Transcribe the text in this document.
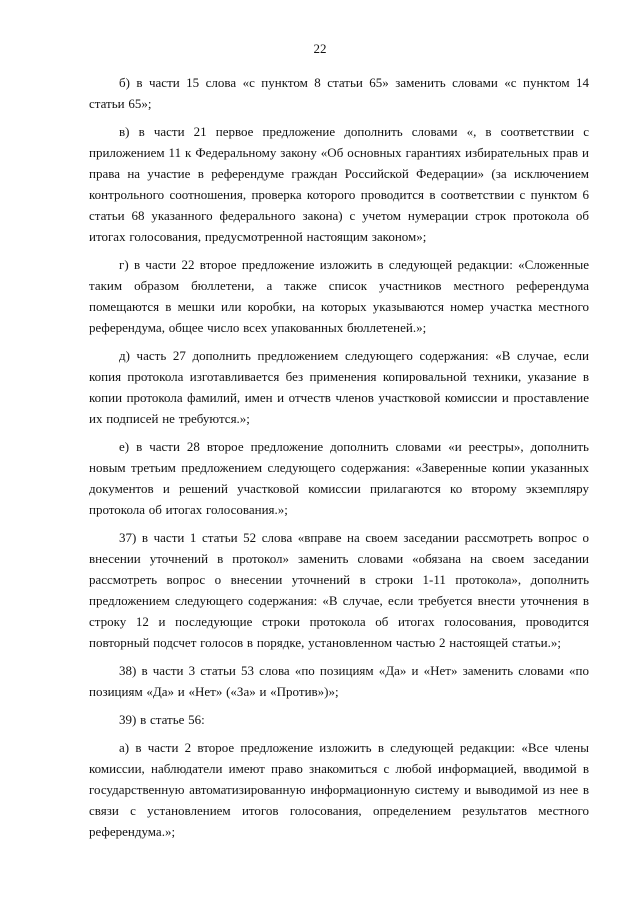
22

б) в части 15 слова «с пунктом 8 статьи 65» заменить словами «с пунктом 14 статьи 65»;

в) в части 21 первое предложение дополнить словами «, в соответствии с приложением 11 к Федеральному закону «Об основных гарантиях избирательных прав и права на участие в референдуме граждан Российской Федерации» (за исключением контрольного соотношения, проверка которого проводится в соответствии с пунктом 6 статьи 68 указанного федерального закона) с учетом нумерации строк протокола об итогах голосования, предусмотренной настоящим законом»;

г) в части 22 второе предложение изложить в следующей редакции: «Сложенные таким образом бюллетени, а также список участников местного референдума помещаются в мешки или коробки, на которых указываются номер участка местного референдума, общее число всех упакованных бюллетеней.»;

д) часть 27 дополнить предложением следующего содержания: «В случае, если копия протокола изготавливается без применения копировальной техники, указание в копии протокола фамилий, имен и отчеств членов участковой комиссии и проставление их подписей не требуются.»;

е) в части 28 второе предложение дополнить словами «и реестры», дополнить новым третьим предложением следующего содержания: «Заверенные копии указанных документов и решений участковой комиссии прилагаются ко второму экземпляру протокола об итогах голосования.»;

37) в части 1 статьи 52 слова «вправе на своем заседании рассмотреть вопрос о внесении уточнений в протокол» заменить словами «обязана на своем заседании рассмотреть вопрос о внесении уточнений в строки 1-11 протокола», дополнить предложением следующего содержания: «В случае, если требуется внести уточнения в строку 12 и последующие строки протокола об итогах голосования, проводится повторный подсчет голосов в порядке, установленном частью 2 настоящей статьи.»;

38) в части 3 статьи 53 слова «по позициям «Да» и «Нет» заменить словами «по позициям «Да» и «Нет» («За» и «Против»)»;

39) в статье 56:

а) в части 2 второе предложение изложить в следующей редакции: «Все члены комиссии, наблюдатели имеют право знакомиться с любой информацией, вводимой в государственную автоматизированную информационную систему и выводимой из нее в связи с установлением итогов голосования, определением результатов местного референдума.»;
